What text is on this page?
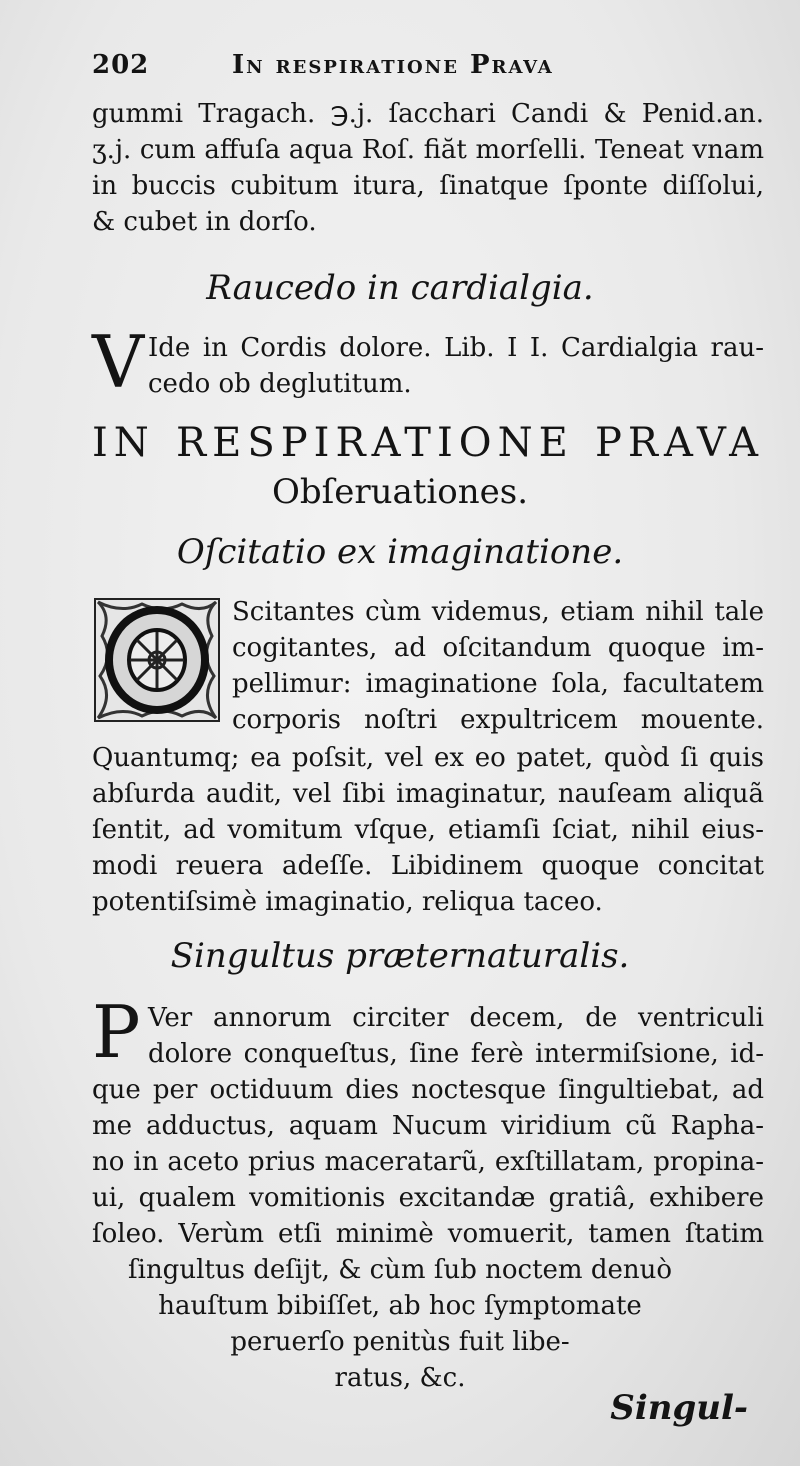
202	In respiratione Prava
gummi Tragach. ℈.j. ſacchari Candi & Penid.an.
ʒ.j. cum affuſa aqua Roſ. fiăt morſelli. Teneat vnam
in buccis cubitum itura, ſinatque ſponte diſſolui,
& cubet in dorſo.
Raucedo in cardialgia.
V Ide in Cordis dolore. Lib. I I. Cardialgia rau-
cedo ob deglutitum.
IN RESPIRATIONE PRAVA
Obſeruationes.
Oſcitatio ex imaginatione.
Scitantes cùm videmus, etiam nihil tale
cogitantes, ad oſcitandum quoque im-
pellimur: imaginatione ſola, facultatem
corporis noſtri expultricem mouente.
Quantumq; ea poſsit, vel ex eo patet, quòd ſi quis
abſurda audit, vel ſibi imaginatur, nauſeam aliquã
ſentit, ad vomitum vſque, etiamſi ſciat, nihil eius-
modi reuera adeſſe. Libidinem quoque concitat
potentiſsimè imaginatio, reliqua taceo.
Singultus præternaturalis.
P Ver annorum circiter decem, de ventriculi
dolore conqueſtus, ſine ferè intermiſsione, id-
que per octiduum dies noctesque ſingultiebat, ad
me adductus, aquam Nucum viridium cũ Rapha-
no in aceto prius maceratarũ, exſtillatam, propina-
ui, qualem vomitionis excitandæ gratiâ, exhibere
ſoleo. Verùm etſi minimè vomuerit, tamen ſtatim
ſingultus deſijt, & cùm ſub noctem denuò
hauſtum bibiſſet, ab hoc ſymptomate
peruerſo penitùs fuit libe-
ratus, &c.
Singul-
